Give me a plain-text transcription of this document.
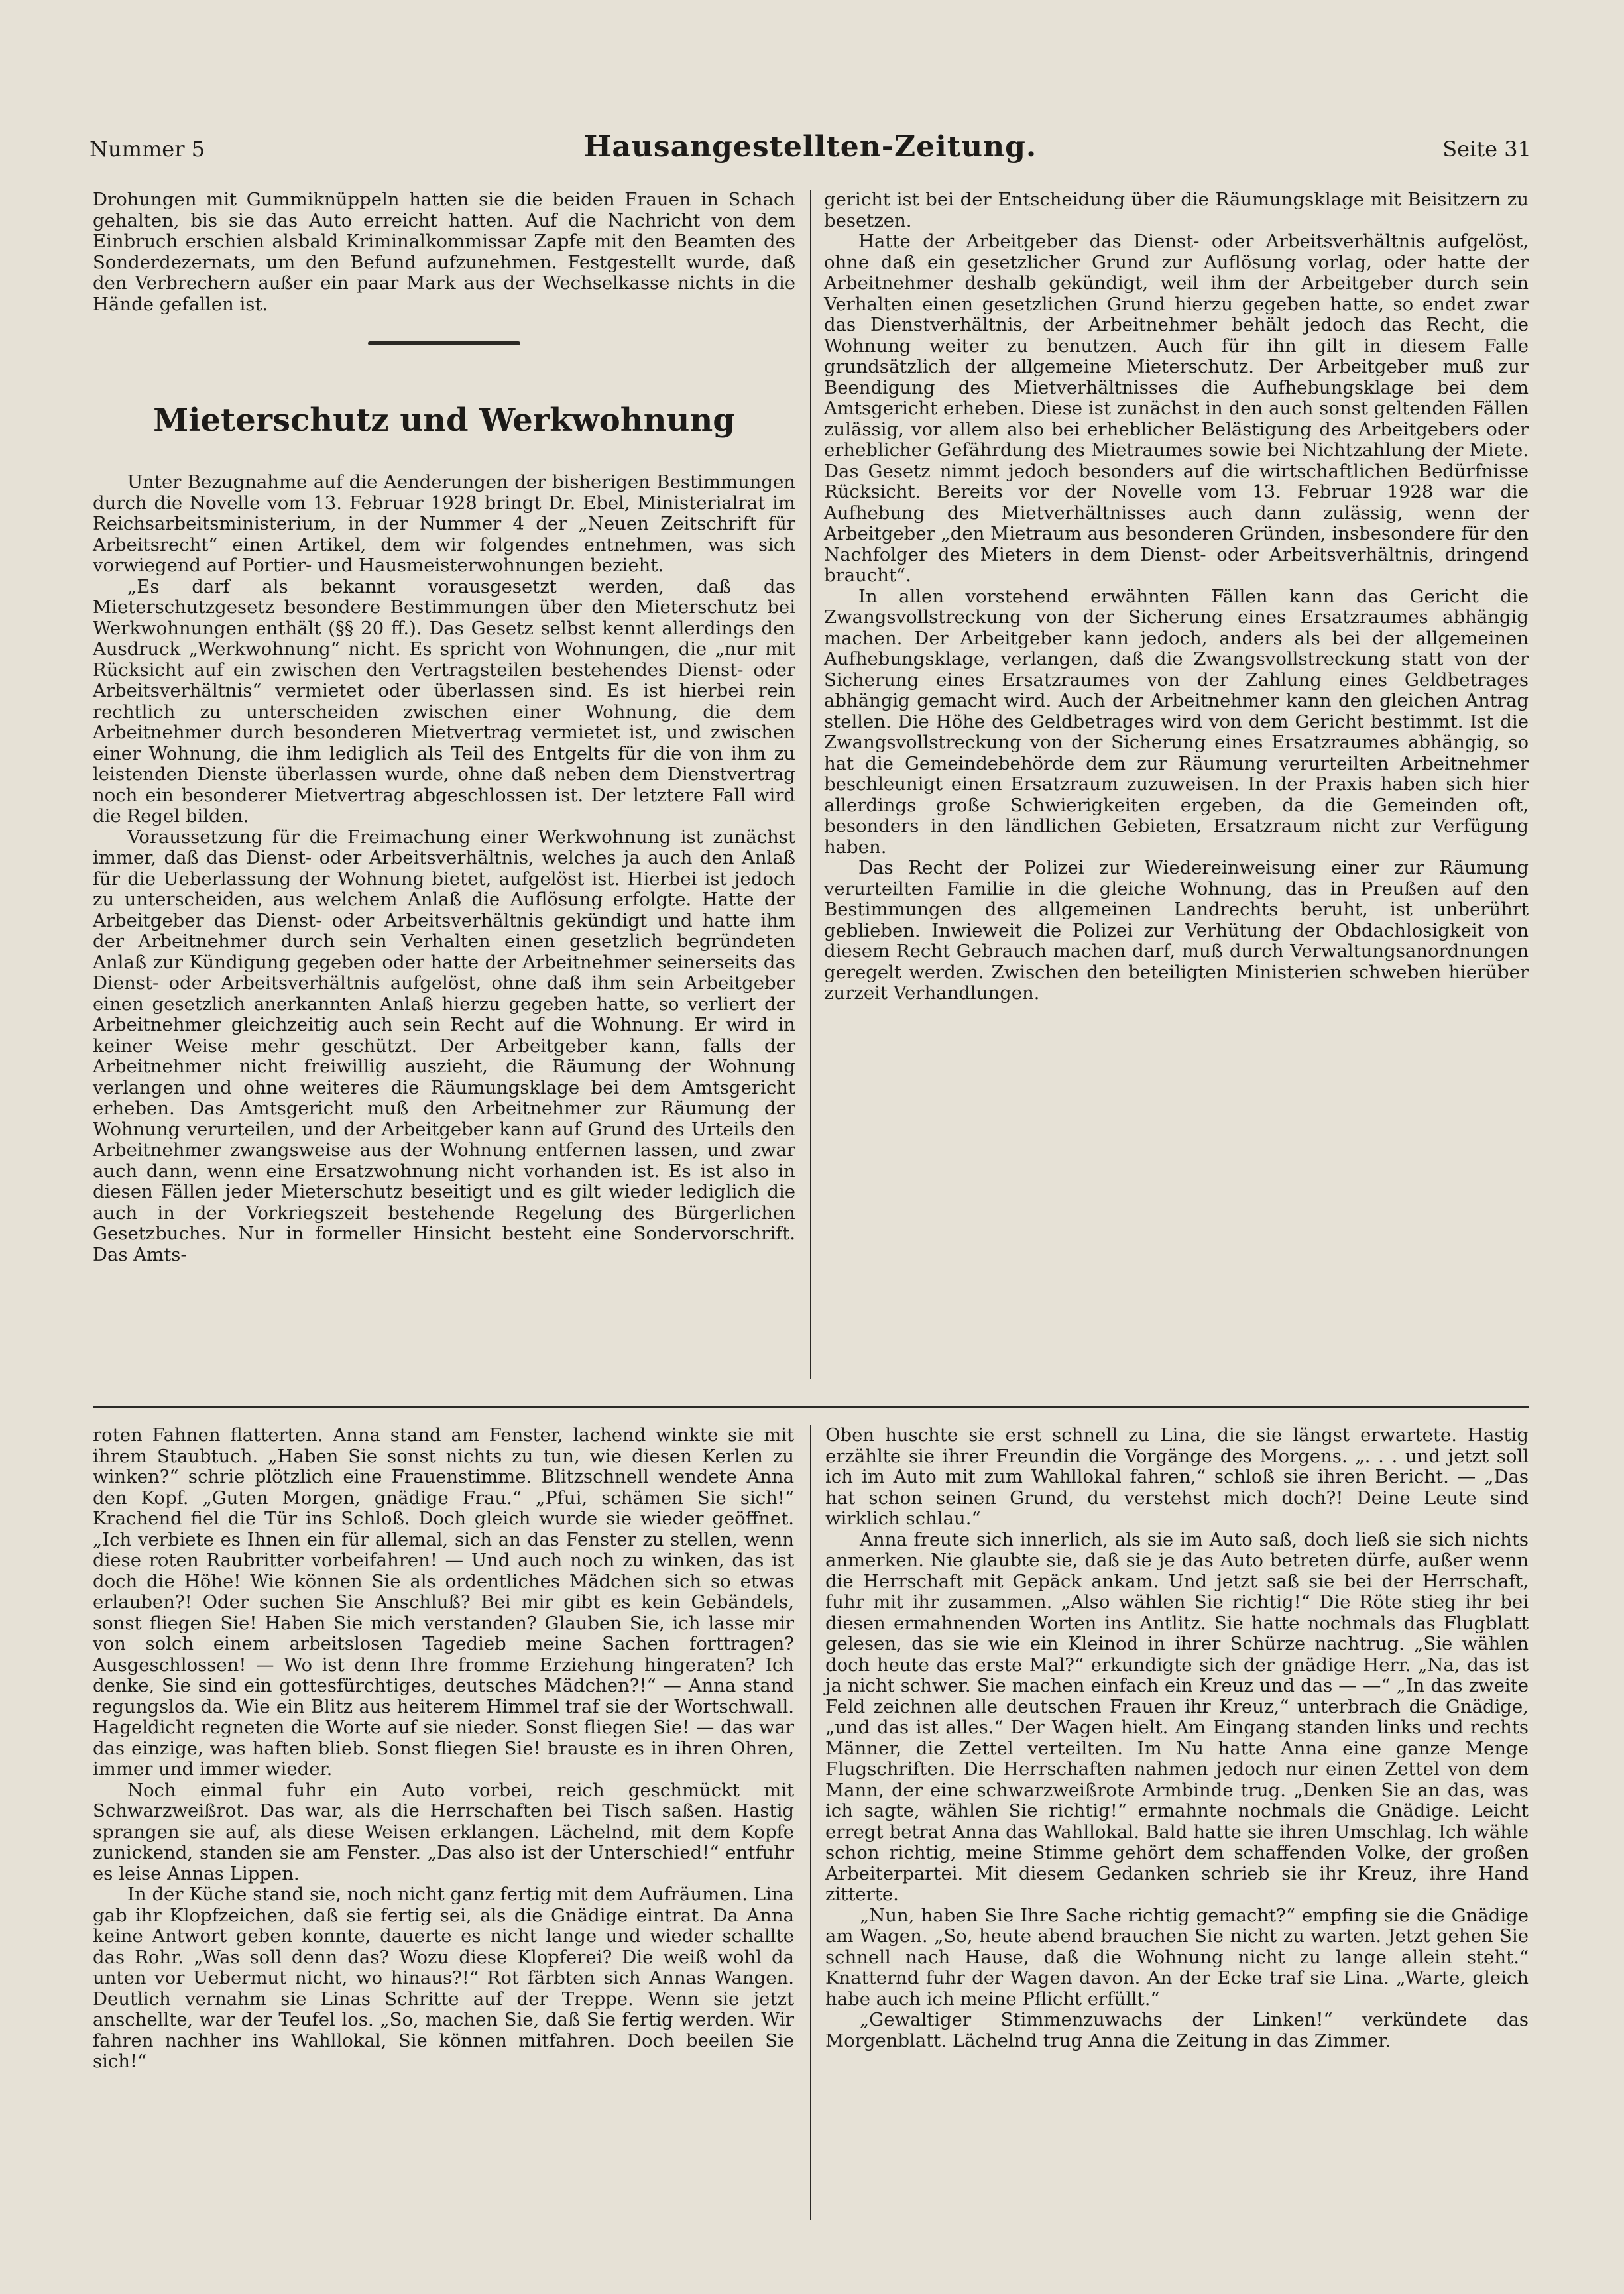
Nummer 5	Hausangestellten-Zeitung.	Seite 31

Drohungen mit Gummiknüppeln hatten sie die beiden Frauen in Schach gehalten, bis sie das Auto erreicht hatten. Auf die Nachricht von dem Einbruch erschien alsbald Kriminalkommissar Zapfe mit den Beamten des Sonderdezernats, um den Befund aufzunehmen. Festgestellt wurde, daß den Verbrechern außer ein paar Mark aus der Wechselkasse nichts in die Hände gefallen ist.

Mieterschutz und Werkwohnung

Unter Bezugnahme auf die Aenderungen der bisherigen Bestimmungen durch die Novelle vom 13. Februar 1928 bringt Dr. Ebel, Ministerialrat im Reichsarbeitsministerium, in der Nummer 4 der „Neuen Zeitschrift für Arbeitsrecht“ einen Artikel, dem wir folgendes entnehmen, was sich vorwiegend auf Portier- und Hausmeisterwohnungen bezieht.

„Es darf als bekannt vorausgesetzt werden, daß das Mieterschutzgesetz besondere Bestimmungen über den Mieterschutz bei Werkwohnungen enthält (§§ 20 ff.). Das Gesetz selbst kennt allerdings den Ausdruck „Werkwohnung“ nicht. Es spricht von Wohnungen, die „nur mit Rücksicht auf ein zwischen den Vertragsteilen bestehendes Dienst- oder Arbeitsverhältnis“ vermietet oder überlassen sind. Es ist hierbei rein rechtlich zu unterscheiden zwischen einer Wohnung, die dem Arbeitnehmer durch besonderen Mietvertrag vermietet ist, und zwischen einer Wohnung, die ihm lediglich als Teil des Entgelts für die von ihm zu leistenden Dienste überlassen wurde, ohne daß neben dem Dienstvertrag noch ein besonderer Mietvertrag abgeschlossen ist. Der letztere Fall wird die Regel bilden.

Voraussetzung für die Freimachung einer Werkwohnung ist zunächst immer, daß das Dienst- oder Arbeitsverhältnis, welches ja auch den Anlaß für die Ueberlassung der Wohnung bietet, aufgelöst ist. Hierbei ist jedoch zu unterscheiden, aus welchem Anlaß die Auflösung erfolgte. Hatte der Arbeitgeber das Dienst- oder Arbeitsverhältnis gekündigt und hatte ihm der Arbeitnehmer durch sein Verhalten einen gesetzlich begründeten Anlaß zur Kündigung gegeben oder hatte der Arbeitnehmer seinerseits das Dienst- oder Arbeitsverhältnis aufgelöst, ohne daß ihm sein Arbeitgeber einen gesetzlich anerkannten Anlaß hierzu gegeben hatte, so verliert der Arbeitnehmer gleichzeitig auch sein Recht auf die Wohnung. Er wird in keiner Weise mehr geschützt. Der Arbeitgeber kann, falls der Arbeitnehmer nicht freiwillig auszieht, die Räumung der Wohnung verlangen und ohne weiteres die Räumungsklage bei dem Amtsgericht erheben. Das Amtsgericht muß den Arbeitnehmer zur Räumung der Wohnung verurteilen, und der Arbeitgeber kann auf Grund des Urteils den Arbeitnehmer zwangsweise aus der Wohnung entfernen lassen, und zwar auch dann, wenn eine Ersatzwohnung nicht vorhanden ist. Es ist also in diesen Fällen jeder Mieterschutz beseitigt und es gilt wieder lediglich die auch in der Vorkriegszeit bestehende Regelung des Bürgerlichen Gesetzbuches. Nur in formeller Hinsicht besteht eine Sondervorschrift. Das Amts-

gericht ist bei der Entscheidung über die Räumungsklage mit Beisitzern zu besetzen.

Hatte der Arbeitgeber das Dienst- oder Arbeitsverhältnis aufgelöst, ohne daß ein gesetzlicher Grund zur Auflösung vorlag, oder hatte der Arbeitnehmer deshalb gekündigt, weil ihm der Arbeitgeber durch sein Verhalten einen gesetzlichen Grund hierzu gegeben hatte, so endet zwar das Dienstverhältnis, der Arbeitnehmer behält jedoch das Recht, die Wohnung weiter zu benutzen. Auch für ihn gilt in diesem Falle grundsätzlich der allgemeine Mieterschutz. Der Arbeitgeber muß zur Beendigung des Mietverhältnisses die Aufhebungsklage bei dem Amtsgericht erheben. Diese ist zunächst in den auch sonst geltenden Fällen zulässig, vor allem also bei erheblicher Belästigung des Arbeitgebers oder erheblicher Gefährdung des Mietraumes sowie bei Nichtzahlung der Miete. Das Gesetz nimmt jedoch besonders auf die wirtschaftlichen Bedürfnisse Rücksicht. Bereits vor der Novelle vom 13. Februar 1928 war die Aufhebung des Mietverhältnisses auch dann zulässig, wenn der Arbeitgeber „den Mietraum aus besonderen Gründen, insbesondere für den Nachfolger des Mieters in dem Dienst- oder Arbeitsverhältnis, dringend braucht“.

In allen vorstehend erwähnten Fällen kann das Gericht die Zwangsvollstreckung von der Sicherung eines Ersatzraumes abhängig machen. Der Arbeitgeber kann jedoch, anders als bei der allgemeinen Aufhebungsklage, verlangen, daß die Zwangsvollstreckung statt von der Sicherung eines Ersatzraumes von der Zahlung eines Geldbetrages abhängig gemacht wird. Auch der Arbeitnehmer kann den gleichen Antrag stellen. Die Höhe des Geldbetrages wird von dem Gericht bestimmt. Ist die Zwangsvollstreckung von der Sicherung eines Ersatzraumes abhängig, so hat die Gemeindebehörde dem zur Räumung verurteilten Arbeitnehmer beschleunigt einen Ersatzraum zuzuweisen. In der Praxis haben sich hier allerdings große Schwierigkeiten ergeben, da die Gemeinden oft, besonders in den ländlichen Gebieten, Ersatzraum nicht zur Verfügung haben.

Das Recht der Polizei zur Wiedereinweisung einer zur Räumung verurteilten Familie in die gleiche Wohnung, das in Preußen auf den Bestimmungen des allgemeinen Landrechts beruht, ist unberührt geblieben. Inwieweit die Polizei zur Verhütung der Obdachlosigkeit von diesem Recht Gebrauch machen darf, muß durch Verwaltungsanordnungen geregelt werden. Zwischen den beteiligten Ministerien schweben hierüber zurzeit Verhandlungen.

roten Fahnen flatterten. Anna stand am Fenster, lachend winkte sie mit ihrem Staubtuch. „Haben Sie sonst nichts zu tun, wie diesen Kerlen zu winken?“ schrie plötzlich eine Frauenstimme. Blitzschnell wendete Anna den Kopf. „Guten Morgen, gnädige Frau.“ „Pfui, schämen Sie sich!“ Krachend fiel die Tür ins Schloß. Doch gleich wurde sie wieder geöffnet. „Ich verbiete es Ihnen ein für allemal, sich an das Fenster zu stellen, wenn diese roten Raubritter vorbeifahren! — Und auch noch zu winken, das ist doch die Höhe! Wie können Sie als ordentliches Mädchen sich so etwas erlauben?! Oder suchen Sie Anschluß? Bei mir gibt es kein Gebändels, sonst fliegen Sie! Haben Sie mich verstanden? Glauben Sie, ich lasse mir von solch einem arbeitslosen Tagedieb meine Sachen forttragen? Ausgeschlossen! — Wo ist denn Ihre fromme Erziehung hingeraten? Ich denke, Sie sind ein gottesfürchtiges, deutsches Mädchen?!“ — Anna stand regungslos da. Wie ein Blitz aus heiterem Himmel traf sie der Wortschwall. Hageldicht regneten die Worte auf sie nieder. Sonst fliegen Sie! — das war das einzige, was haften blieb. Sonst fliegen Sie! brauste es in ihren Ohren, immer und immer wieder.

Noch einmal fuhr ein Auto vorbei, reich geschmückt mit Schwarzweißrot. Das war, als die Herrschaften bei Tisch saßen. Hastig sprangen sie auf, als diese Weisen erklangen. Lächelnd, mit dem Kopfe zunickend, standen sie am Fenster. „Das also ist der Unterschied!“ entfuhr es leise Annas Lippen.

In der Küche stand sie, noch nicht ganz fertig mit dem Aufräumen. Lina gab ihr Klopfzeichen, daß sie fertig sei, als die Gnädige eintrat. Da Anna keine Antwort geben konnte, dauerte es nicht lange und wieder schallte das Rohr. „Was soll denn das? Wozu diese Klopferei? Die weiß wohl da unten vor Uebermut nicht, wo hinaus?!“ Rot färbten sich Annas Wangen. Deutlich vernahm sie Linas Schritte auf der Treppe. Wenn sie jetzt anschellte, war der Teufel los. „So, machen Sie, daß Sie fertig werden. Wir fahren nachher ins Wahllokal, Sie können mitfahren. Doch beeilen Sie sich!“

Oben huschte sie erst schnell zu Lina, die sie längst erwartete. Hastig erzählte sie ihrer Freundin die Vorgänge des Morgens. „. . . und jetzt soll ich im Auto mit zum Wahllokal fahren,“ schloß sie ihren Bericht. — „Das hat schon seinen Grund, du verstehst mich doch?! Deine Leute sind wirklich schlau.“

Anna freute sich innerlich, als sie im Auto saß, doch ließ sie sich nichts anmerken. Nie glaubte sie, daß sie je das Auto betreten dürfe, außer wenn die Herrschaft mit Gepäck ankam. Und jetzt saß sie bei der Herrschaft, fuhr mit ihr zusammen. „Also wählen Sie richtig!“ Die Röte stieg ihr bei diesen ermahnenden Worten ins Antlitz. Sie hatte nochmals das Flugblatt gelesen, das sie wie ein Kleinod in ihrer Schürze nachtrug. „Sie wählen doch heute das erste Mal?“ erkundigte sich der gnädige Herr. „Na, das ist ja nicht schwer. Sie machen einfach ein Kreuz und das — —“ „In das zweite Feld zeichnen alle deutschen Frauen ihr Kreuz,“ unterbrach die Gnädige, „und das ist alles.“ Der Wagen hielt. Am Eingang standen links und rechts Männer, die Zettel verteilten. Im Nu hatte Anna eine ganze Menge Flugschriften. Die Herrschaften nahmen jedoch nur einen Zettel von dem Mann, der eine schwarzweißrote Armbinde trug. „Denken Sie an das, was ich sagte, wählen Sie richtig!“ ermahnte nochmals die Gnädige. Leicht erregt betrat Anna das Wahllokal. Bald hatte sie ihren Umschlag. Ich wähle schon richtig, meine Stimme gehört dem schaffenden Volke, der großen Arbeiterpartei. Mit diesem Gedanken schrieb sie ihr Kreuz, ihre Hand zitterte.

„Nun, haben Sie Ihre Sache richtig gemacht?“ empfing sie die Gnädige am Wagen. „So, heute abend brauchen Sie nicht zu warten. Jetzt gehen Sie schnell nach Hause, daß die Wohnung nicht zu lange allein steht.“ Knatternd fuhr der Wagen davon. An der Ecke traf sie Lina. „Warte, gleich habe auch ich meine Pflicht erfüllt.“

„Gewaltiger Stimmenzuwachs der Linken!“ verkündete das Morgenblatt. Lächelnd trug Anna die Zeitung in das Zimmer.
